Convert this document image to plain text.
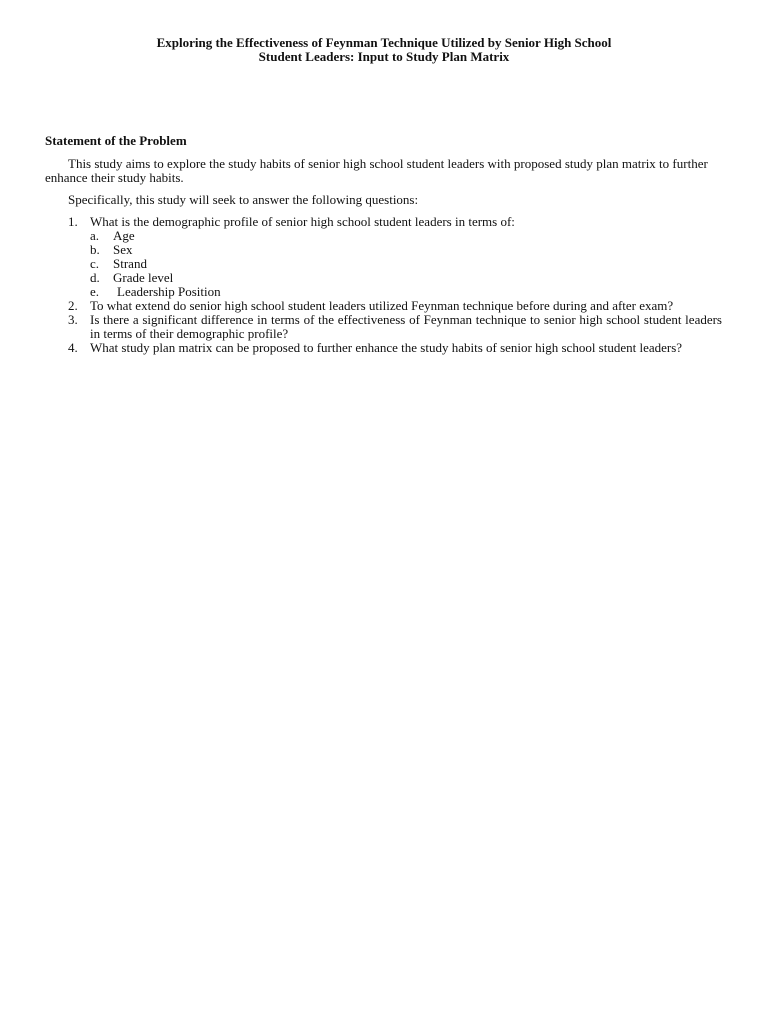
Exploring the Effectiveness of Feynman Technique Utilized by Senior High School
Student Leaders: Input to Study Plan Matrix
Statement of the Problem
This study aims to explore the study habits of senior high school student leaders with proposed study plan matrix to further enhance their study habits.
Specifically, this study will seek to answer the following questions:
1. What is the demographic profile of senior high school student leaders in terms of:
a. Age
b. Sex
c. Strand
d. Grade level
e. Leadership Position
2. To what extend do senior high school student leaders utilized Feynman technique before during and after exam?
3. Is there a significant difference in terms of the effectiveness of Feynman technique to senior high school student leaders in terms of their demographic profile?
4. What study plan matrix can be proposed to further enhance the study habits of senior high school student leaders?
